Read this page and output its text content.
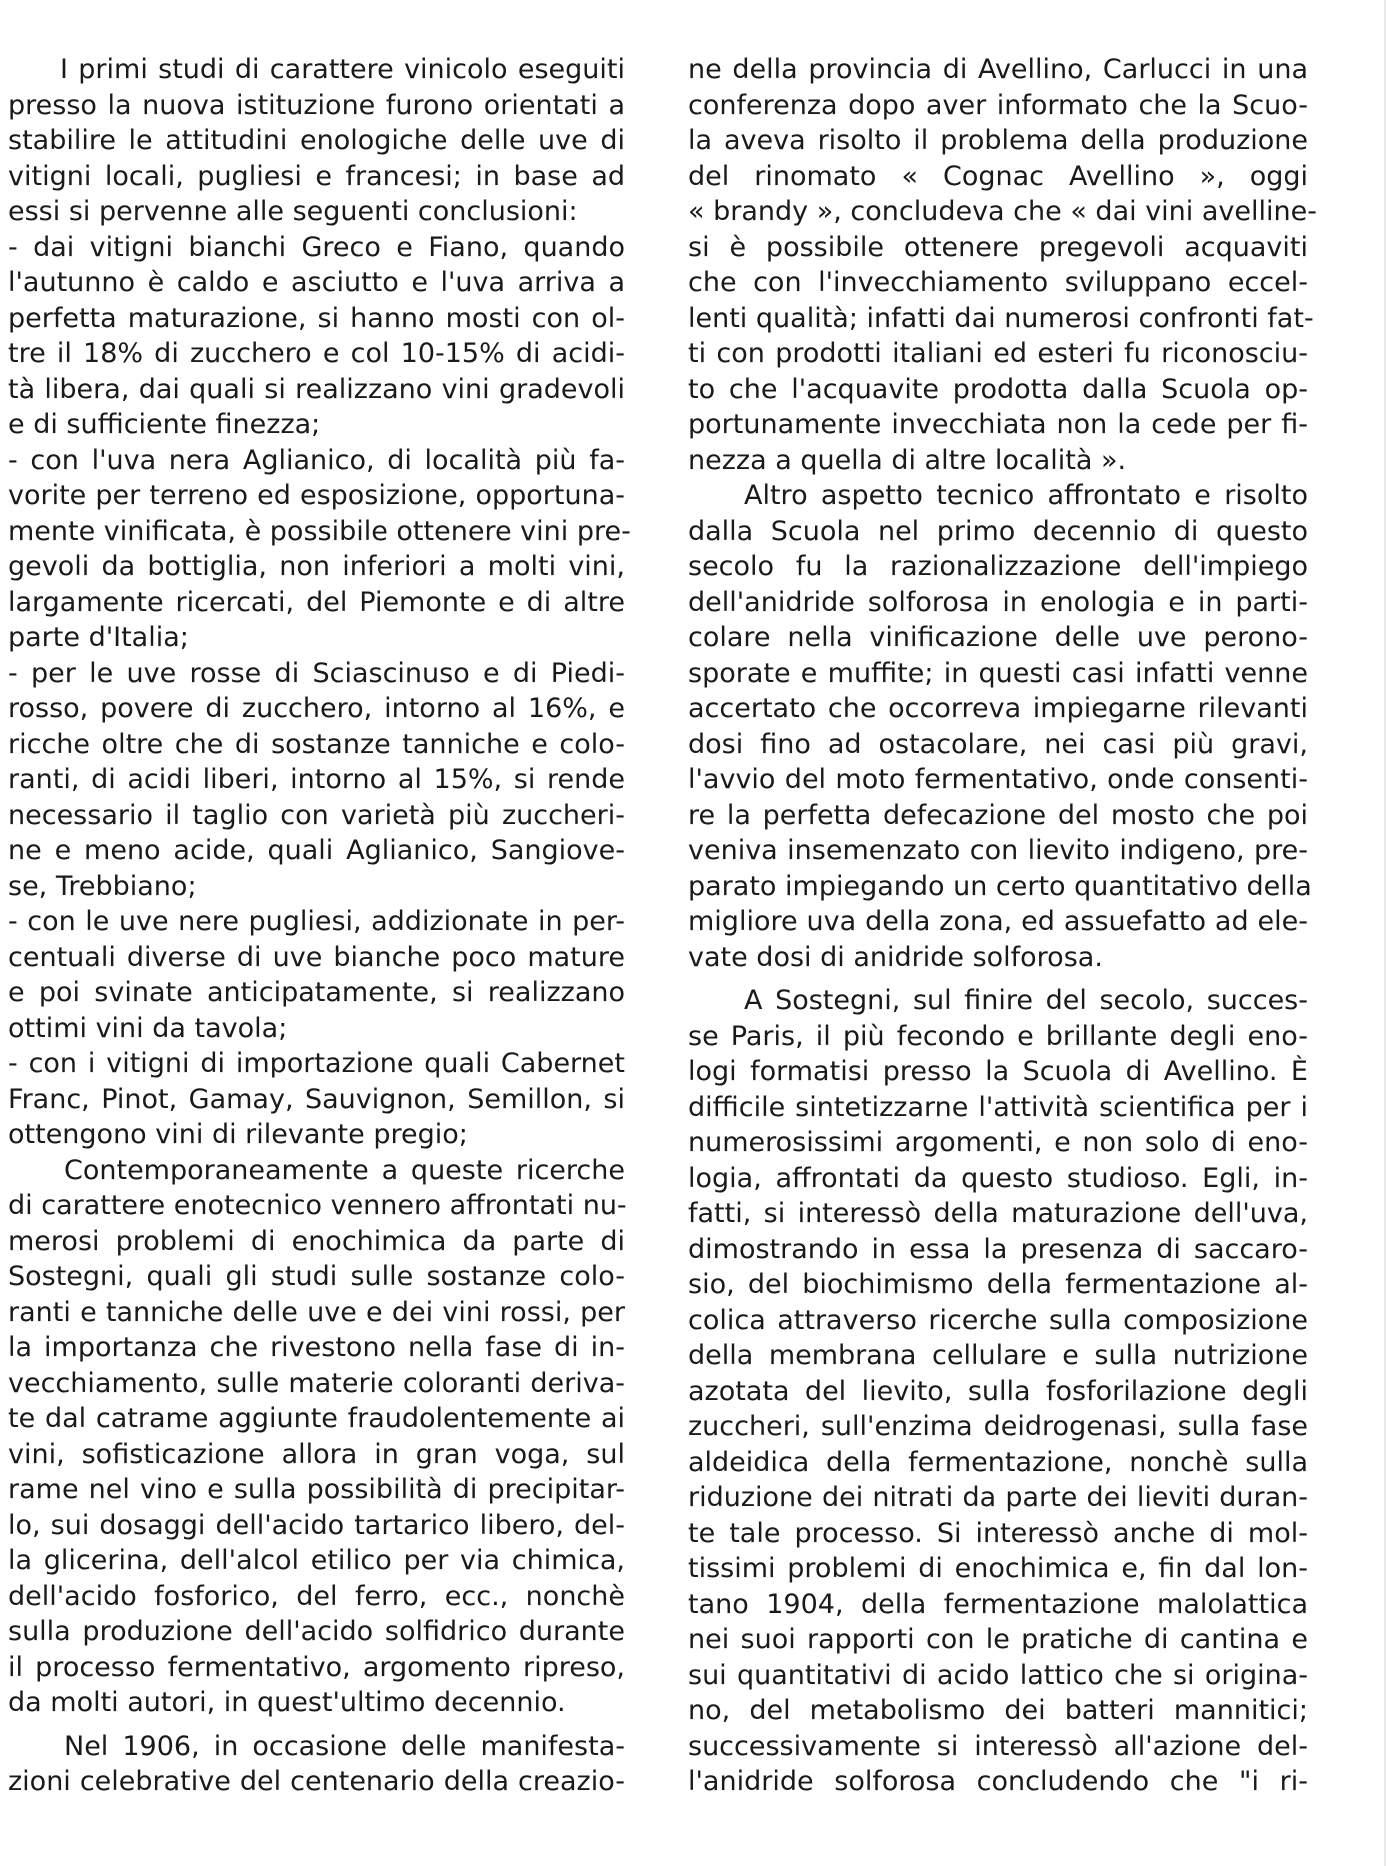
I primi studi di carattere vinicolo eseguiti
presso la nuova istituzione furono orientati a
stabilire le attitudini enologiche delle uve di
vitigni locali, pugliesi e francesi; in base ad
essi si pervenne alle seguenti conclusioni:
- dai vitigni bianchi Greco e Fiano, quando
l'autunno è caldo e asciutto e l'uva arriva a
perfetta maturazione, si hanno mosti con ol-
tre il 18% di zucchero e col 10-15% di acidi-
tà libera, dai quali si realizzano vini gradevoli
e di sufficiente finezza;
- con l'uva nera Aglianico, di località più fa-
vorite per terreno ed esposizione, opportuna-
mente vinificata, è possibile ottenere vini pre-
gevoli da bottiglia, non inferiori a molti vini,
largamente ricercati, del Piemonte e di altre
parte d'Italia;
- per le uve rosse di Sciascinuso e di Piedi-
rosso, povere di zucchero, intorno al 16%, e
ricche oltre che di sostanze tanniche e colo-
ranti, di acidi liberi, intorno al 15%, si rende
necessario il taglio con varietà più zuccheri-
ne e meno acide, quali Aglianico, Sangiove-
se, Trebbiano;
- con le uve nere pugliesi, addizionate in per-
centuali diverse di uve bianche poco mature
e poi svinate anticipatamente, si realizzano
ottimi vini da tavola;
- con i vitigni di importazione quali Cabernet
Franc, Pinot, Gamay, Sauvignon, Semillon, si
ottengono vini di rilevante pregio;
Contemporaneamente a queste ricerche
di carattere enotecnico vennero affrontati nu-
merosi problemi di enochimica da parte di
Sostegni, quali gli studi sulle sostanze colo-
ranti e tanniche delle uve e dei vini rossi, per
la importanza che rivestono nella fase di in-
vecchiamento, sulle materie coloranti deriva-
te dal catrame aggiunte fraudolentemente ai
vini, sofisticazione allora in gran voga, sul
rame nel vino e sulla possibilità di precipitar-
lo, sui dosaggi dell'acido tartarico libero, del-
la glicerina, dell'alcol etilico per via chimica,
dell'acido fosforico, del ferro, ecc., nonchè
sulla produzione dell'acido solfidrico durante
il processo fermentativo, argomento ripreso,
da molti autori, in quest'ultimo decennio.
Nel 1906, in occasione delle manifesta-
zioni celebrative del centenario della creazio-
ne della provincia di Avellino, Carlucci in una
conferenza dopo aver informato che la Scuo-
la aveva risolto il problema della produzione
del rinomato « Cognac Avellino », oggi
« brandy », concludeva che « dai vini avelline-
si è possibile ottenere pregevoli acquaviti
che con l'invecchiamento sviluppano eccel-
lenti qualità; infatti dai numerosi confronti fat-
ti con prodotti italiani ed esteri fu riconosciu-
to che l'acquavite prodotta dalla Scuola op-
portunamente invecchiata non la cede per fi-
nezza a quella di altre località ».
Altro aspetto tecnico affrontato e risolto
dalla Scuola nel primo decennio di questo
secolo fu la razionalizzazione dell'impiego
dell'anidride solforosa in enologia e in parti-
colare nella vinificazione delle uve perono-
sporate e muffite; in questi casi infatti venne
accertato che occorreva impiegarne rilevanti
dosi fino ad ostacolare, nei casi più gravi,
l'avvio del moto fermentativo, onde consenti-
re la perfetta defecazione del mosto che poi
veniva insemenzato con lievito indigeno, pre-
parato impiegando un certo quantitativo della
migliore uva della zona, ed assuefatto ad ele-
vate dosi di anidride solforosa.
A Sostegni, sul finire del secolo, succes-
se Paris, il più fecondo e brillante degli eno-
logi formatisi presso la Scuola di Avellino. È
difficile sintetizzarne l'attività scientifica per i
numerosissimi argomenti, e non solo di eno-
logia, affrontati da questo studioso. Egli, in-
fatti, si interessò della maturazione dell'uva,
dimostrando in essa la presenza di saccaro-
sio, del biochimismo della fermentazione al-
colica attraverso ricerche sulla composizione
della membrana cellulare e sulla nutrizione
azotata del lievito, sulla fosforilazione degli
zuccheri, sull'enzima deidrogenasi, sulla fase
aldeidica della fermentazione, nonchè sulla
riduzione dei nitrati da parte dei lieviti duran-
te tale processo. Si interessò anche di mol-
tissimi problemi di enochimica e, fin dal lon-
tano 1904, della fermentazione malolattica
nei suoi rapporti con le pratiche di cantina e
sui quantitativi di acido lattico che si origina-
no, del metabolismo dei batteri mannitici;
successivamente si interessò all'azione del-
l'anidride solforosa concludendo che "i ri-
